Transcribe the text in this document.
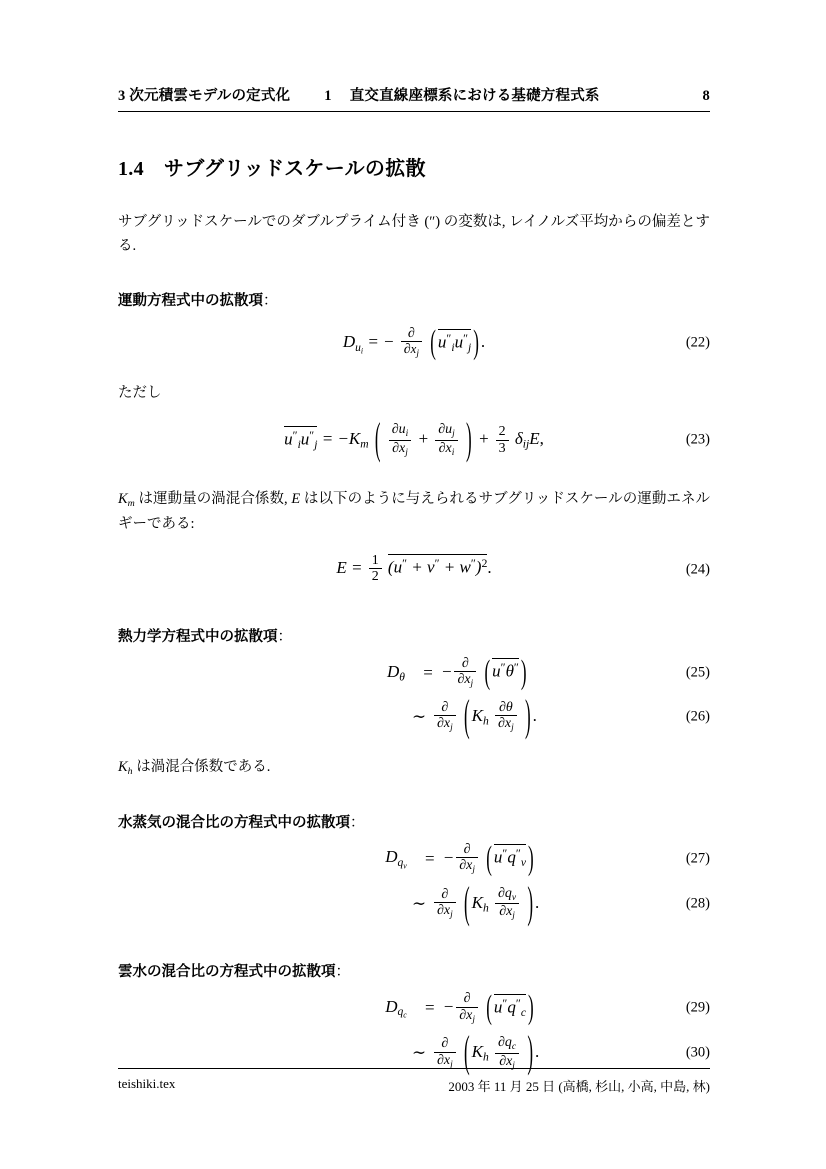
3 次元積雲モデルの定式化 1 直交直線座標系における基礎方程式系	8
1.4 サブグリッドスケールの拡散

サブグリッドスケールでのダブルプライム付き (″) の変数は, レイノルズ平均からの偏差とする.

運動方程式中の拡散項：
$D_{u_i}$ = − $\frac{\partial}{\partial x_j}$ ( $u''_iu''_j$ ) .	(22)

ただし

$u''_iu''_j = -K_m$ ( $\frac{\partial u_i}{\partial x_j} + \frac{\partial u_j}{\partial x_i}$ ) + $\frac{2}{3} \delta_{ij}E$,	(23)

$K_m$ は運動量の渦混合係数, E は以下のように与えられるサブグリッドスケールの運動エネルギーである:

$E = \frac{1}{2} (u'' + v'' + w'')^2$.	(24)
熱力学方程式中の拡散項：
$D_\theta$	= − $\frac{\partial}{\partial x_j}$ ( u″θ″ )	(25)
∼ $\frac{\partial}{\partial x_j}$ ( $K_h \frac{\partial\theta}{\partial x_j}$ ) .	(26)

$K_h$ は渦混合係数である.

水蒸気の混合比の方程式中の拡散項：
$D_{q_v}$	= − $\frac{\partial}{\partial x_j}$ ( $u''q''_v$ )	(27)
∼ $\frac{\partial}{\partial x_j}$ ( $K_h \frac{\partial q_v}{\partial x_j}$ ) .	(28)
雲水の混合比の方程式中の拡散項：
$D_{q_c}$	= − $\frac{\partial}{\partial x_j}$ ( $u''q''_c$ )	(29)
∼ $\frac{\partial}{\partial x_j}$ ( $K_h \frac{\partial q_c}{\partial x_j}$ ) .	(30)
teishiki.tex	2003 年 11 月 25 日 (高橋, 杉山, 小高, 中島, 林)
